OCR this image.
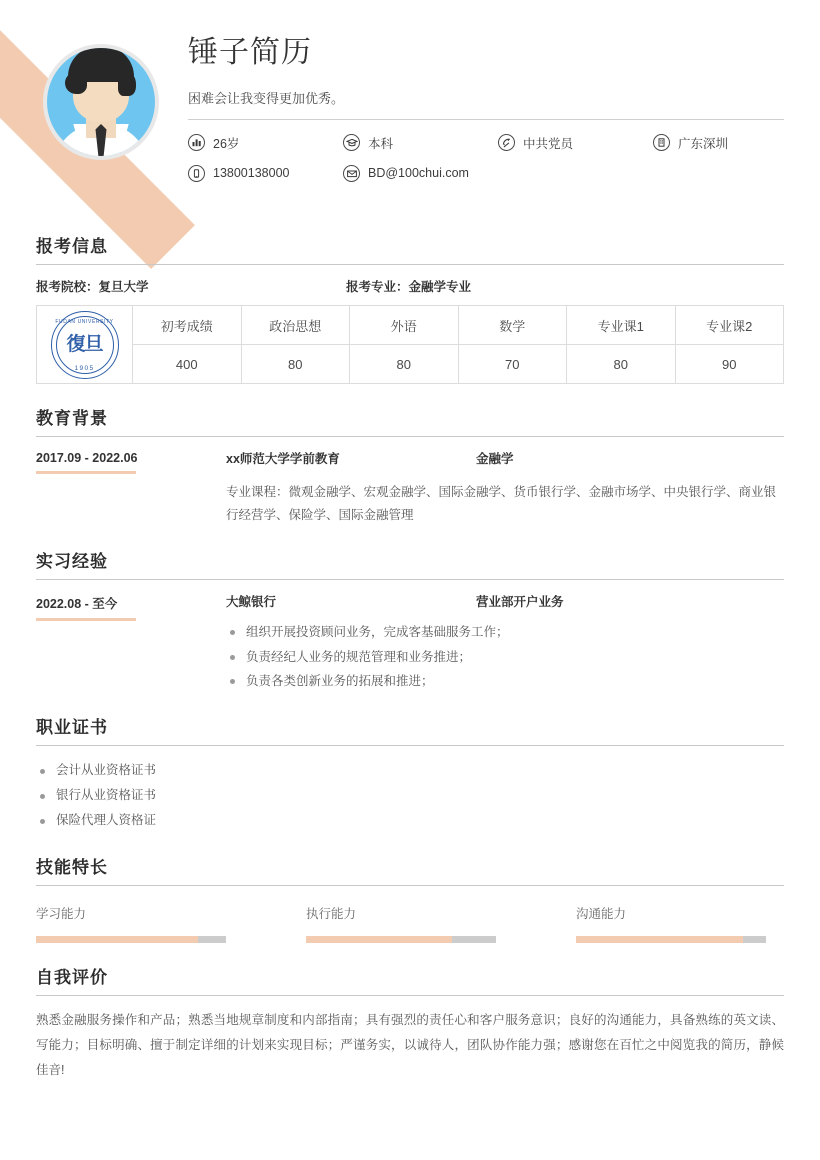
锤子简历
困难会让我变得更加优秀。
26岁	本科	中共党员	广东深圳
13800138000	BD@100chui.com
报考信息
报考院校：复旦大学	报考专业：金融学专业
FUDAN UNIVERSITY
復旦
1905	初考成绩	政治思想	外语	数学	专业课1	专业课2
	400	80	80	70	80	90
教育背景
2017.09 - 2022.06	xx师范大学学前教育	金融学
专业课程：微观金融学、宏观金融学、国际金融学、货币银行学、金融市场学、中央银行学、商业银行经营学、保险学、国际金融管理
实习经验
2022.08 - 至今	大鲸银行	营业部开户业务
组织开展投资顾问业务，完成客基础服务工作；
负责经纪人业务的规范管理和业务推进；
负责各类创新业务的拓展和推进；
职业证书
会计从业资格证书
银行从业资格证书
保险代理人资格证
技能特长
学习能力	执行能力	沟通能力
自我评价
熟悉金融服务操作和产品；熟悉当地规章制度和内部指南；具有强烈的责任心和客户服务意识；良好的沟通能力，具备熟练的英文读、写能力；目标明确、擅于制定详细的计划来实现目标；严谨务实，以诚待人，团队协作能力强；感谢您在百忙之中阅览我的简历，静候佳音!
